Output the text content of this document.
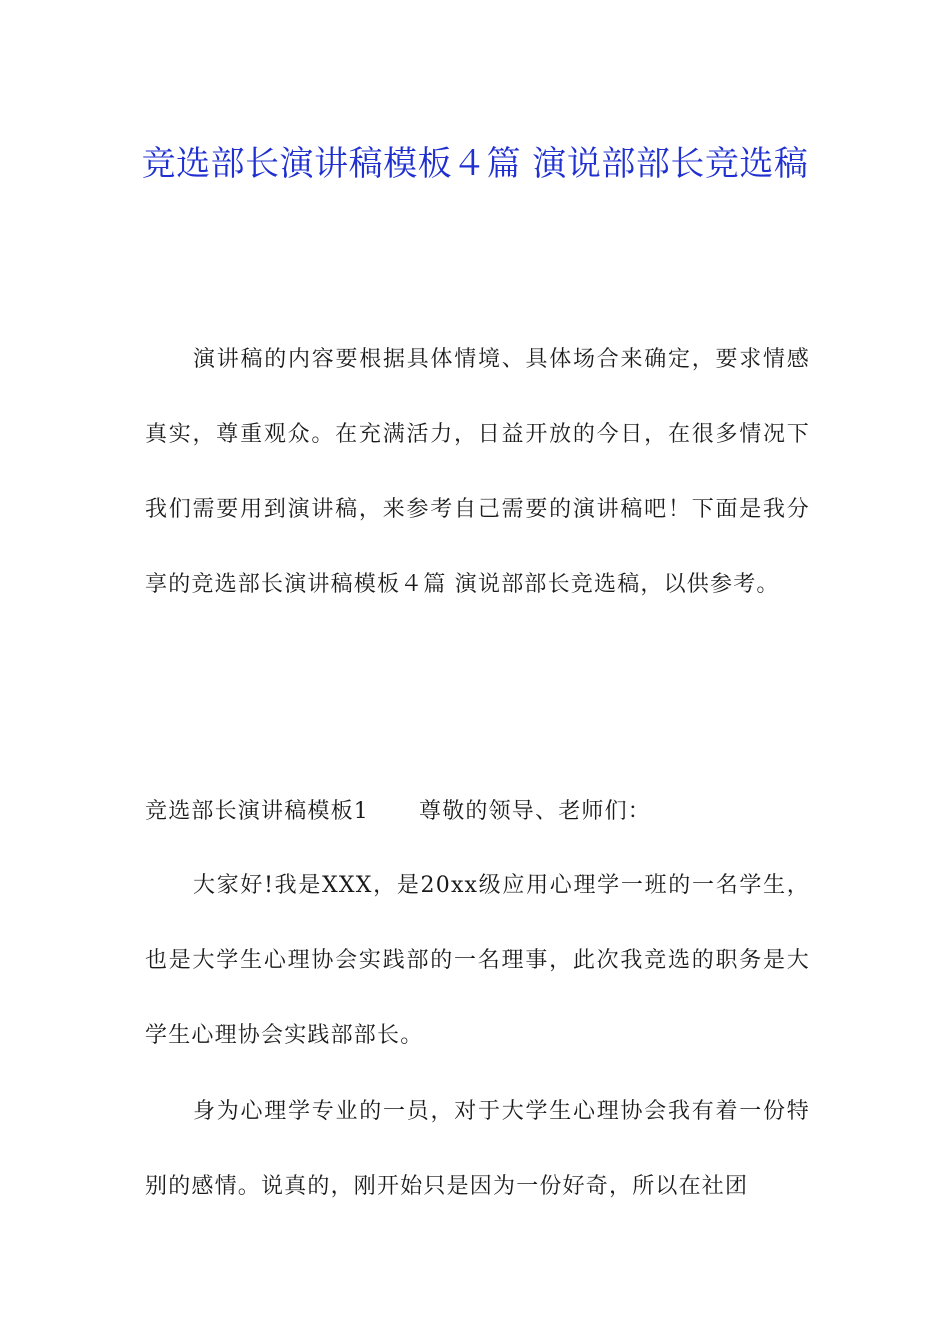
竞选部长演讲稿模板４篇 演说部部长竞选稿

演讲稿的内容要根据具体情境、具体场合来确定，要求情感真实，尊重观众。在充满活力，日益开放的今日，在很多情况下我们需要用到演讲稿，来参考自己需要的演讲稿吧！下面是我分享的竞选部长演讲稿模板４篇 演说部部长竞选稿，以供参考。

竞选部长演讲稿模板1 尊敬的领导、老师们：

大家好!我是XXX，是20xx级应用心理学一班的一名学生，也是大学生心理协会实践部的一名理事，此次我竞选的职务是大学生心理协会实践部部长。

身为心理学专业的一员，对于大学生心理协会我有着一份特别的感情。说真的，刚开始只是因为一份好奇，所以在社团
